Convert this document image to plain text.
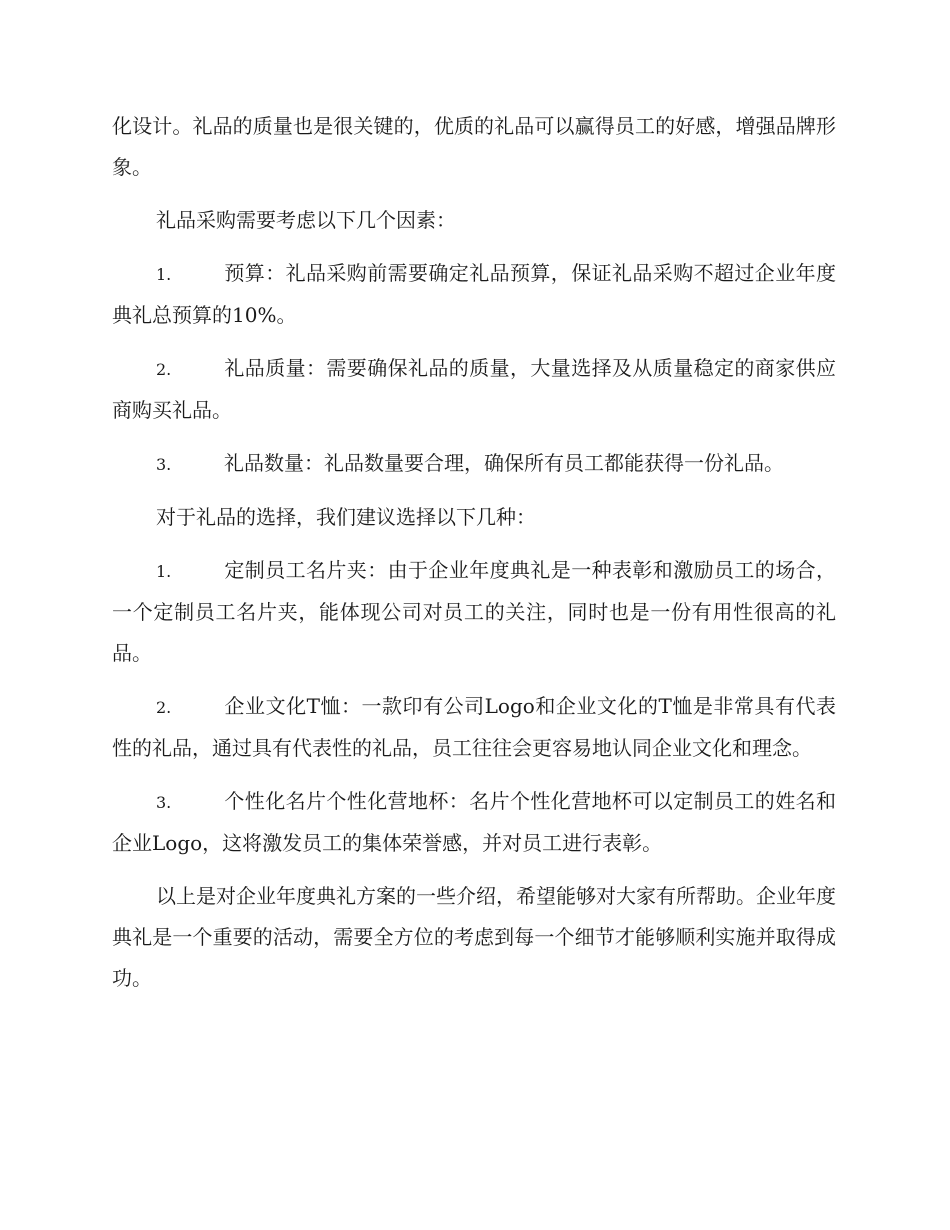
化设计。礼品的质量也是很关键的，优质的礼品可以赢得员工的好感，增强品牌形象。

礼品采购需要考虑以下几个因素：

1.	预算：礼品采购前需要确定礼品预算，保证礼品采购不超过企业年度典礼总预算的10%。
2.	礼品质量：需要确保礼品的质量，大量选择及从质量稳定的商家供应商购买礼品。
3.	礼品数量：礼品数量要合理，确保所有员工都能获得一份礼品。

对于礼品的选择，我们建议选择以下几种：

1.	定制员工名片夹：由于企业年度典礼是一种表彰和激励员工的场合，一个定制员工名片夹，能体现公司对员工的关注，同时也是一份有用性很高的礼品。
2.	企业文化T恤：一款印有公司Logo和企业文化的T恤是非常具有代表性的礼品，通过具有代表性的礼品，员工往往会更容易地认同企业文化和理念。
3.	个性化名片个性化营地杯：名片个性化营地杯可以定制员工的姓名和企业Logo，这将激发员工的集体荣誉感，并对员工进行表彰。

以上是对企业年度典礼方案的一些介绍，希望能够对大家有所帮助。企业年度典礼是一个重要的活动，需要全方位的考虑到每一个细节才能够顺利实施并取得成功。
